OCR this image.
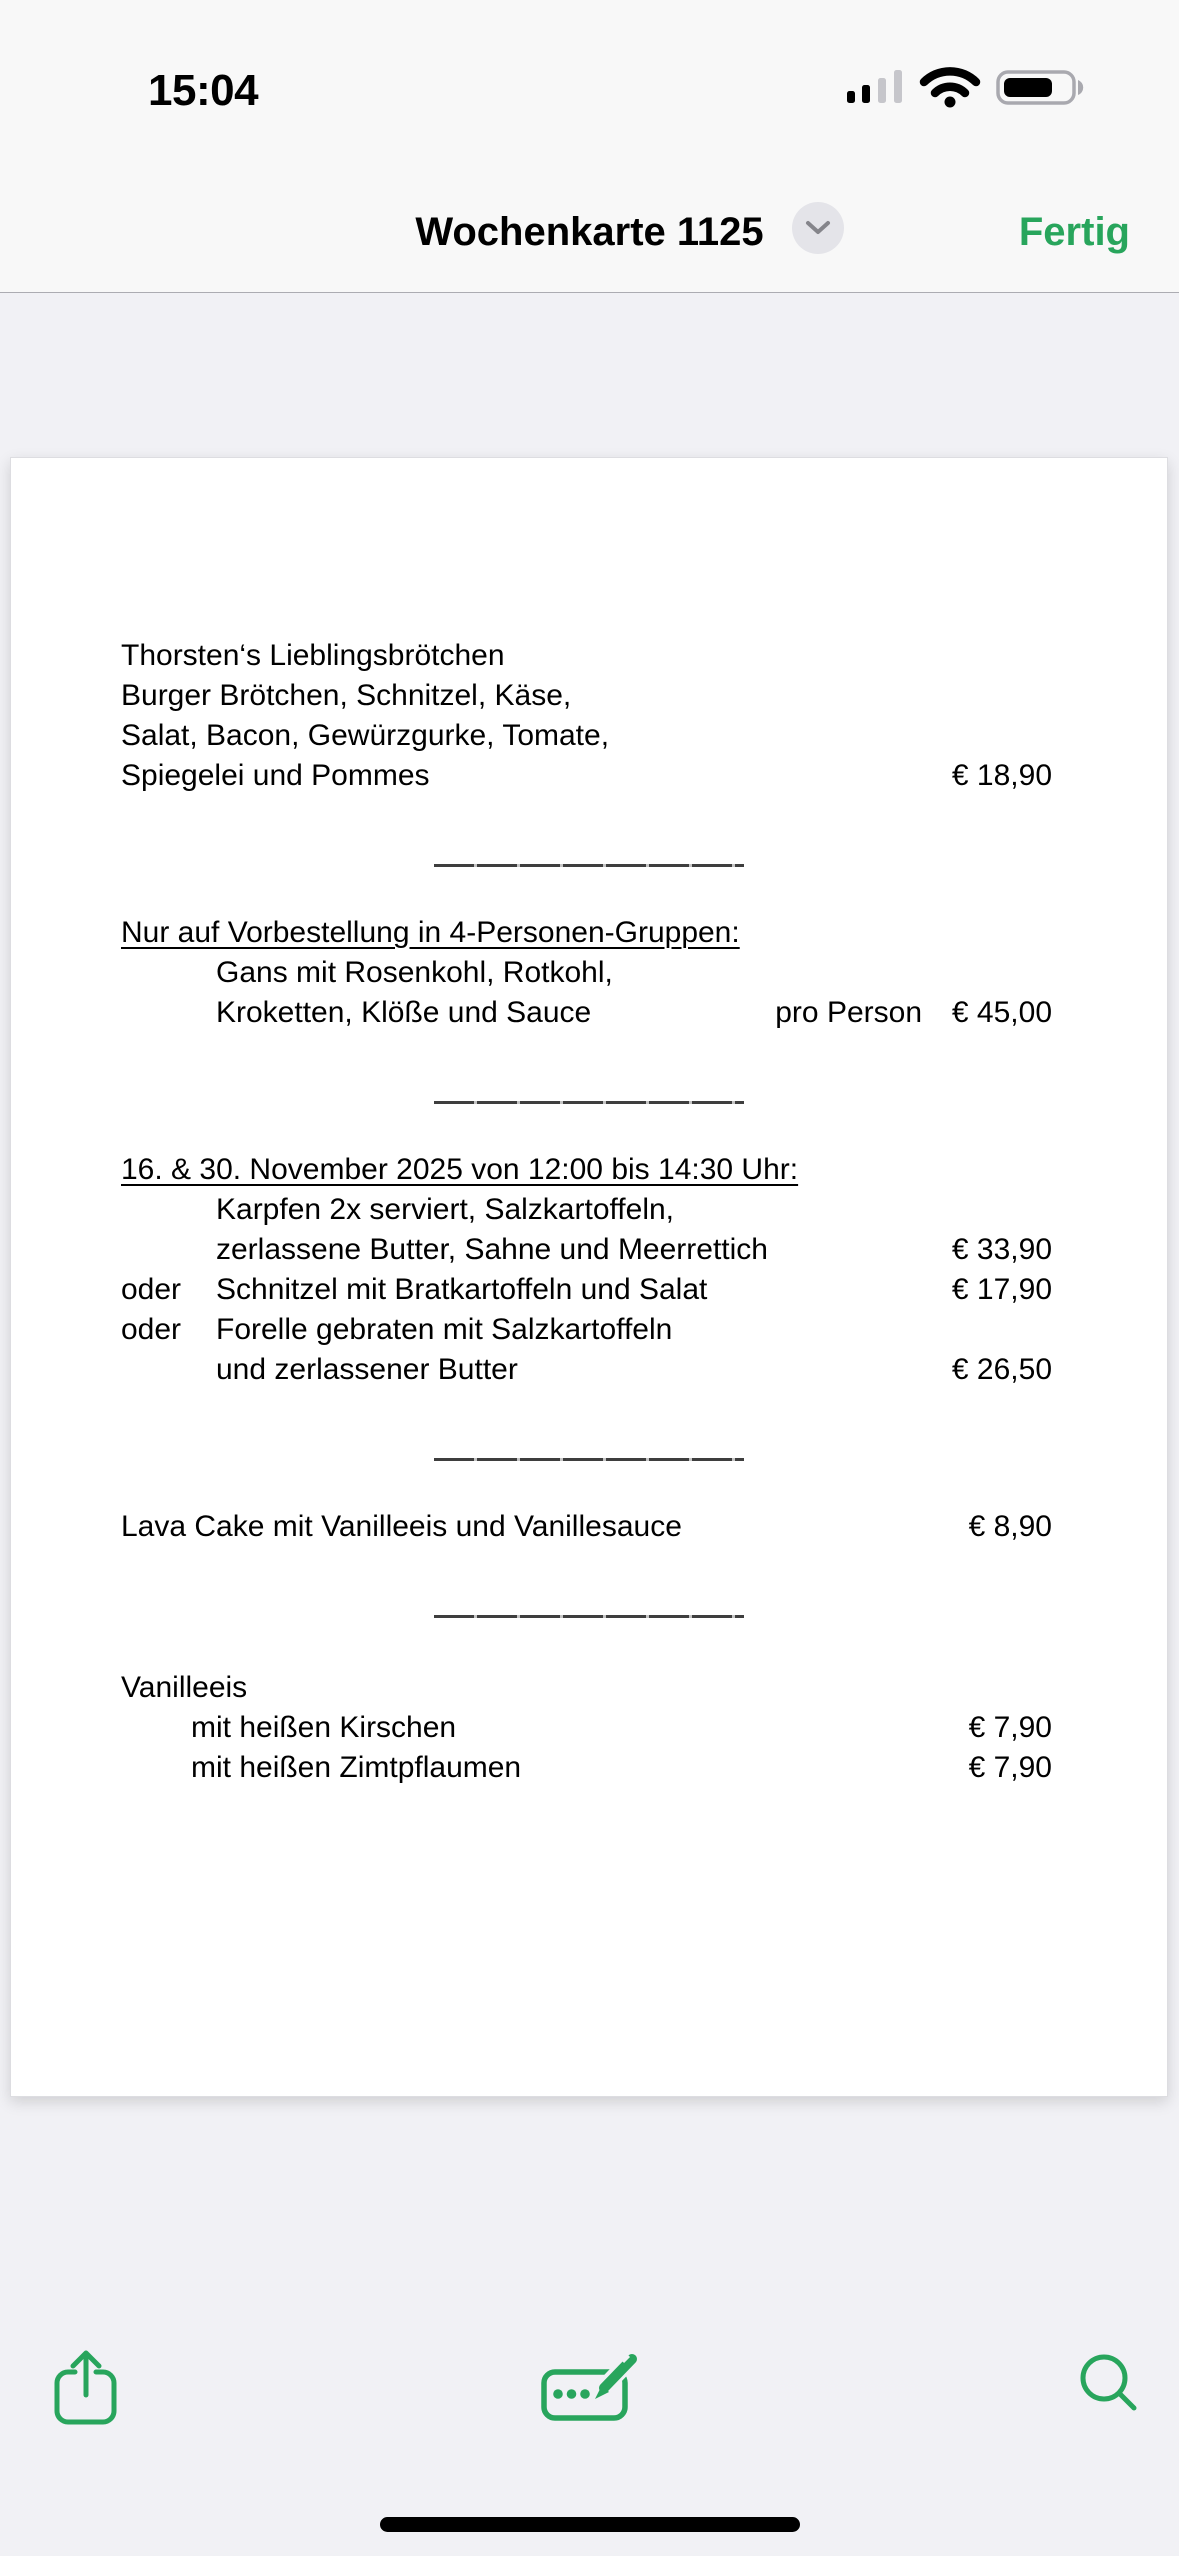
15:04
Wochenkarte 1125	Fertig
Thorsten‘s Lieblingsbrötchen
Burger Brötchen, Schnitzel, Käse,
Salat, Bacon, Gewürzgurke, Tomate,
Spiegelei und Pommes	€ 18,90
Nur auf Vorbestellung in 4-Personen-Gruppen:
Gans mit Rosenkohl, Rotkohl,
Kroketten, Klöße und Sauce	pro Person € 45,00
16. & 30. November 2025 von 12:00 bis 14:30 Uhr:
Karpfen 2x serviert, Salzkartoffeln,
zerlassene Butter, Sahne und Meerrettich	€ 33,90
oder	Schnitzel mit Bratkartoffeln und Salat	€ 17,90
oder	Forelle gebraten mit Salzkartoffeln
und zerlassener Butter	€ 26,50
Lava Cake mit Vanilleeis und Vanillesauce	€ 8,90
Vanilleeis
mit heißen Kirschen	€ 7,90
mit heißen Zimtpflaumen	€ 7,90
